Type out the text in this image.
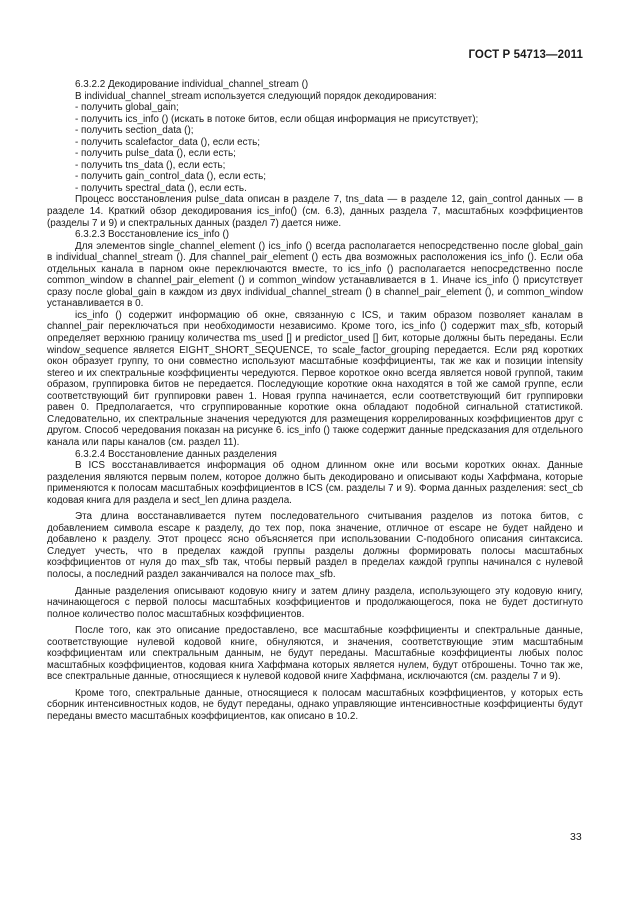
ГОСТ Р 54713—2011

6.3.2.2 Декодирование individual_channel_stream ()

В individual_channel_stream используется следующий порядок декодирования:

- получить global_gain;

- получить ics_info () (искать в потоке битов, если общая информация не присутствует);

- получить section_data ();

- получить scalefactor_data (), если есть;

- получить pulse_data (), если есть;

- получить tns_data (), если есть;

- получить gain_control_data (), если есть;

- получить spectral_data (), если есть.

Процесс восстановления pulse_data описан в разделе 7, tns_data — в разделе 12, gain_control данных — в разделе 14. Краткий обзор декодирования ics_info() (см. 6.3), данных раздела 7, масштабных коэффициентов (разделы 7 и 9) и спектральных данных (раздел 7) дается ниже.

6.3.2.3 Восстановление ics_info ()

Для элементов single_channel_element () ics_info () всегда располагается непосредственно после global_gain в individual_channel_stream (). Для channel_pair_element () есть два возможных расположения ics_info (). Если оба отдельных канала в парном окне переключаются вместе, то ics_info () располагается непосредственно после common_window в channel_pair_element () и common_window устанавливается в 1. Иначе ics_info () присутствует сразу после global_gain в каждом из двух individual_channel_stream () в channel_pair_element (), и common_window устанавливается в 0.

ics_info () содержит информацию об окне, связанную с ICS, и таким образом позволяет каналам в channel_pair переключаться при необходимости независимо. Кроме того, ics_info () содержит max_sfb, который определяет верхнюю границу количества ms_used [] и predictor_used [] бит, которые должны быть переданы. Если window_sequence является EIGHT_SHORT_SEQUENCE, то scale_factor_grouping передается. Если ряд коротких окон образует группу, то они совместно используют масштабные коэффициенты, так же как и позиции intensity stereo и их спектральные коэффициенты чередуются. Первое короткое окно всегда является новой группой, таким образом, группировка битов не передается. Последующие короткие окна находятся в той же самой группе, если соответствующий бит группировки равен 1. Новая группа начинается, если соответствующий бит группировки равен 0. Предполагается, что сгруппированные короткие окна обладают подобной сигнальной статистикой. Следовательно, их спектральные значения чередуются для размещения коррелированных коэффициентов друг с другом. Способ чередования показан на рисунке 6. ics_info () также содержит данные предсказания для отдельного канала или пары каналов (см. раздел 11).

6.3.2.4 Восстановление данных разделения

В ICS восстанавливается информация об одном длинном окне или восьми коротких окнах. Данные разделения являются первым полем, которое должно быть декодировано и описывают коды Хаффмана, которые применяются к полосам масштабных коэффициентов в ICS (см. разделы 7 и 9). Форма данных разделения: sect_cb кодовая книга для раздела и sect_len длина раздела.

Эта длина восстанавливается путем последовательного считывания разделов из потока битов, с добавлением символа escape к разделу, до тех пор, пока значение, отличное от escape не будет найдено и добавлено к разделу. Этот процесс ясно объясняется при использовании С-подобного описания синтаксиса. Следует учесть, что в пределах каждой группы разделы должны формировать полосы масштабных коэффициентов от нуля до max_sfb так, чтобы первый раздел в пределах каждой группы начинался с нулевой полосы, а последний раздел заканчивался на полосе max_sfb.

Данные разделения описывают кодовую книгу и затем длину раздела, использующего эту кодовую книгу, начинающегося с первой полосы масштабных коэффициентов и продолжающегося, пока не будет достигнуто полное количество полос масштабных коэффициентов.

После того, как это описание предоставлено, все масштабные коэффициенты и спектральные данные, соответствующие нулевой кодовой книге, обнуляются, и значения, соответствующие этим масштабным коэффициентам или спектральным данным, не будут переданы. Масштабные коэффициенты любых полос масштабных коэффициентов, кодовая книга Хаффмана которых является нулем, будут отброшены. Точно так же, все спектральные данные, относящиеся к нулевой кодовой книге Хаффмана, исключаются (см. разделы 7 и 9).

Кроме того, спектральные данные, относящиеся к полосам масштабных коэффициентов, у которых есть сборник интенсивностных кодов, не будут переданы, однако управляющие интенсивностные коэффициенты будут переданы вместо масштабных коэффициентов, как описано в 10.2.

33
